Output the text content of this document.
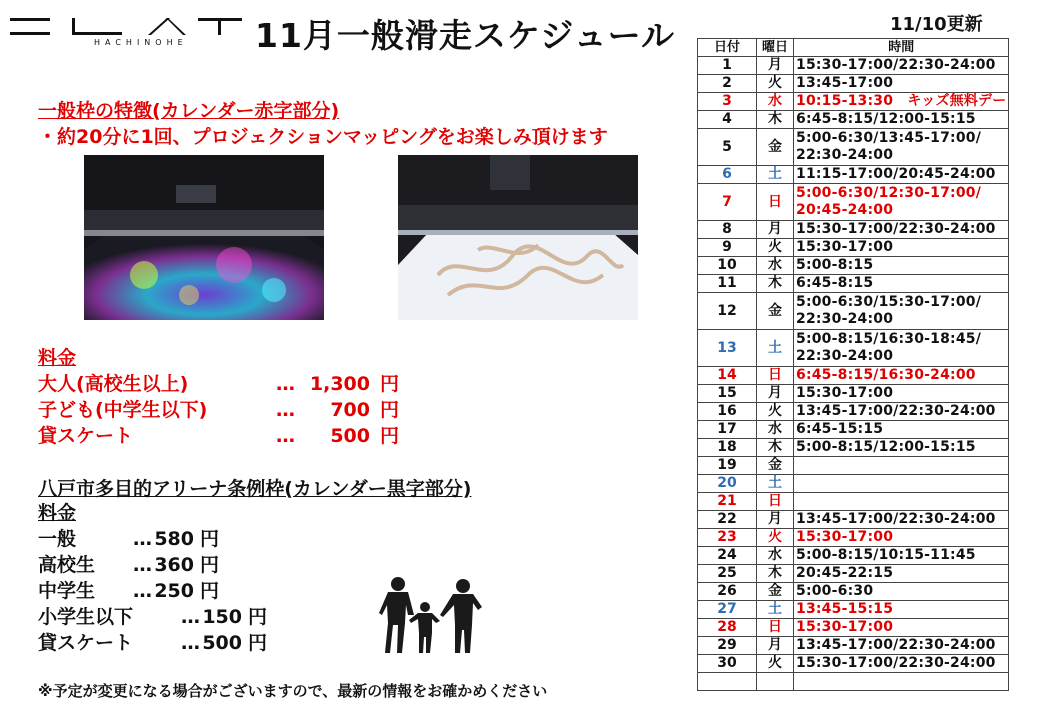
HACHINOHE 11月一般滑走スケジュール	11/10更新
一般枠の特徴(カレンダー赤字部分)
・約20分に1回、プロジェクションマッピングをお楽しみ頂けます
料金
大人(高校生以上)	… 1,300 円
子ども(中学生以下)	…	700 円
貸スケート	…	500 円
八戸市多目的アリーナ条例枠(カレンダー黒字部分)
料金
一般	… 580 円
高校生 … 360 円
中学生 … 250 円
小学生以下	… 150 円
貸スケート	… 500 円
※予定が変更になる場合がございますので、最新の情報をお確かめください
日付	曜日	時間
1	月	15:30-17:00/22:30-24:00
2	火	13:45-17:00
3	水	10:15-13:30　キッズ無料デー
4	木	6:45-8:15/12:00-15:15
5	金	5:00-6:30/13:45-17:00/
22:30-24:00
6	土	11:15-17:00/20:45-24:00
7	日	5:00-6:30/12:30-17:00/
20:45-24:00
8	月	15:30-17:00/22:30-24:00
9	火	15:30-17:00
10	水	5:00-8:15
11	木	6:45-8:15
12	金	5:00-6:30/15:30-17:00/
22:30-24:00
13	土	5:00-8:15/16:30-18:45/
22:30-24:00
14	日	6:45-8:15/16:30-24:00
15	月	15:30-17:00
16	火	13:45-17:00/22:30-24:00
17	水	6:45-15:15
18	木	5:00-8:15/12:00-15:15
19	金	
20	土	
21	日	
22	月	13:45-17:00/22:30-24:00
23	火	15:30-17:00
24	水	5:00-8:15/10:15-11:45
25	木	20:45-22:15
26	金	5:00-6:30
27	土	13:45-15:15
28	日	15:30-17:00
29	月	13:45-17:00/22:30-24:00
30	火	15:30-17:00/22:30-24:00
